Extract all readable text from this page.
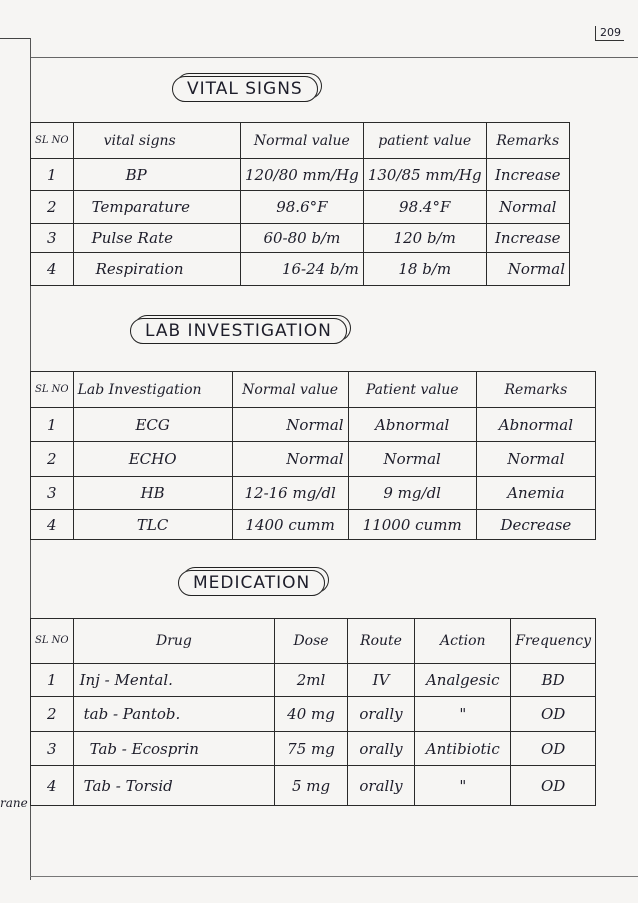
209
rane
VITAL SIGNS
SL NO	vital signs	Normal value	patient value	Remarks
1	BP	120/80 mm/Hg	130/85 mm/Hg	Increase
2	Temparature	98.6°F	98.4°F	Normal
3	Pulse Rate	60-80 b/m	120 b/m	Increase
4	Respiration	16-24 b/m	18 b/m	Normal
LAB INVESTIGATION
SL NO	Lab Investigation	Normal value	Patient value	Remarks
1	ECG	Normal	Abnormal	Abnormal
2	ECHO	Normal	Normal	Normal
3	HB	12-16 mg/dl	9 mg/dl	Anemia
4	TLC	1400 cumm	11000 cumm	Decrease
MEDICATION
SL NO	Drug	Dose	Route	Action	Frequency
1	Inj - Mental.	2ml	IV	Analgesic	BD
2	tab - Pantob.	40 mg	orally	"	OD
3	Tab - Ecosprin	75 mg	orally	Antibiotic	OD
4	Tab - Torsid	5 mg	orally	"	OD
